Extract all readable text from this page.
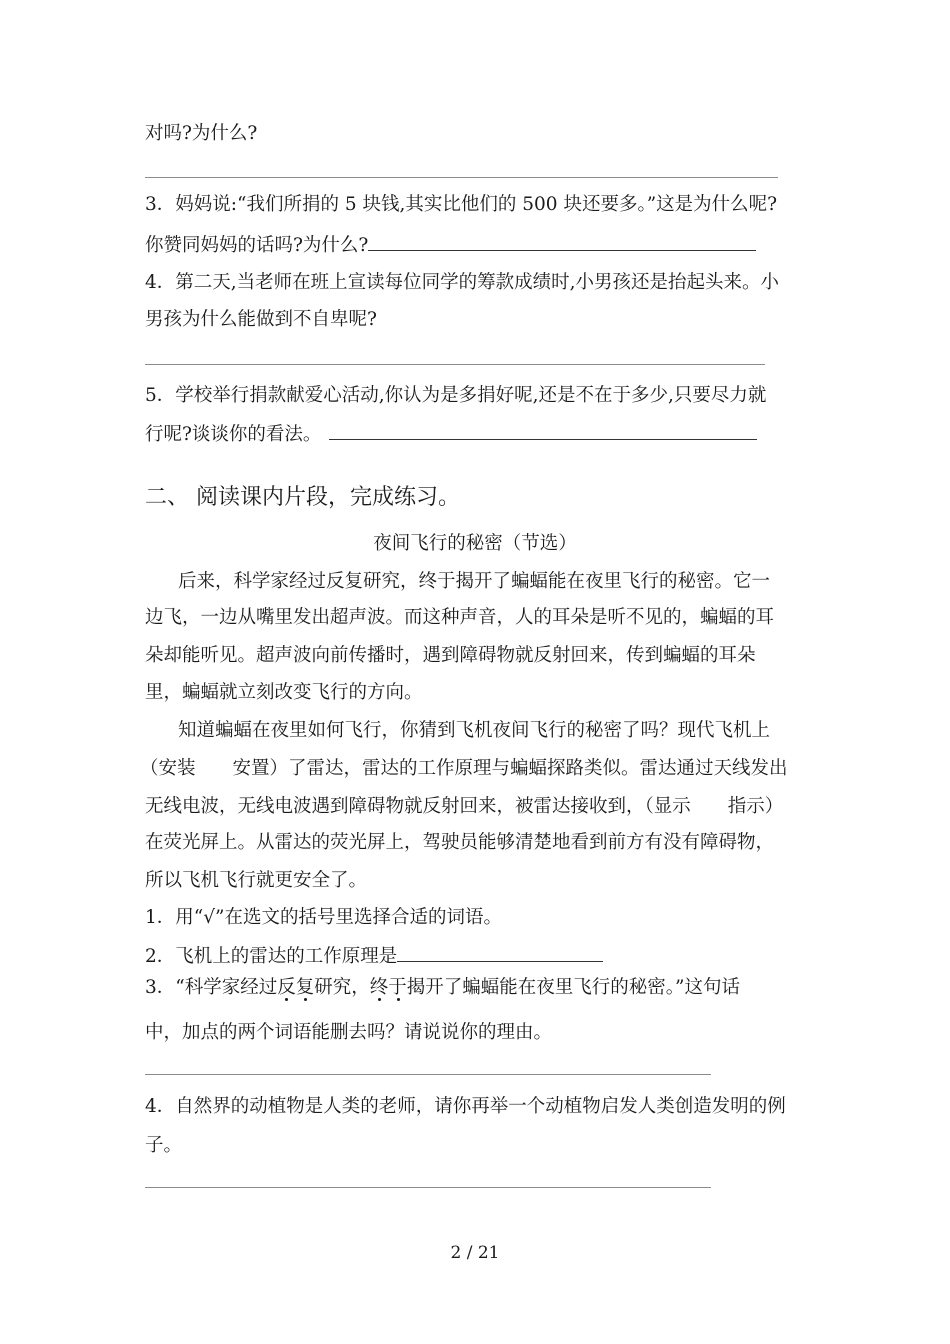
对吗?为什么?
3．妈妈说:“我们所捐的 5 块钱,其实比他们的 500 块还要多。”这是为什么呢?
你赞同妈妈的话吗?为什么?
4．第二天,当老师在班上宣读每位同学的筹款成绩时,小男孩还是抬起头来。小
男孩为什么能做到不自卑呢?
5．学校举行捐款献爱心活动,你认为是多捐好呢,还是不在于多少,只要尽力就
行呢?谈谈你的看法。
二、 阅读课内片段，完成练习。
夜间飞行的秘密（节选）
后来，科学家经过反复研究，终于揭开了蝙蝠能在夜里飞行的秘密。它一
边飞，一边从嘴里发出超声波。而这种声音，人的耳朵是听不见的，蝙蝠的耳
朵却能听见。超声波向前传播时，遇到障碍物就反射回来，传到蝙蝠的耳朵
里，蝙蝠就立刻改变飞行的方向。
知道蝙蝠在夜里如何飞行，你猜到飞机夜间飞行的秘密了吗？现代飞机上
（安装　　安置）了雷达，雷达的工作原理与蝙蝠探路类似。雷达通过天线发出
无线电波，无线电波遇到障碍物就反射回来，被雷达接收到，（显示　　指示）
在荧光屏上。从雷达的荧光屏上，驾驶员能够清楚地看到前方有没有障碍物，
所以飞机飞行就更安全了。
1．用“√”在选文的括号里选择合适的词语。
2．飞机上的雷达的工作原理是
3．“科学家经过反复
研究，终于
揭开了蝙蝠能在夜里飞行的秘密。”这句话
中，加点的两个词语能删去吗？请说说你的理由。
4．自然界的动植物是人类的老师，请你再举一个动植物启发人类创造发明的例
子。
2 / 21
